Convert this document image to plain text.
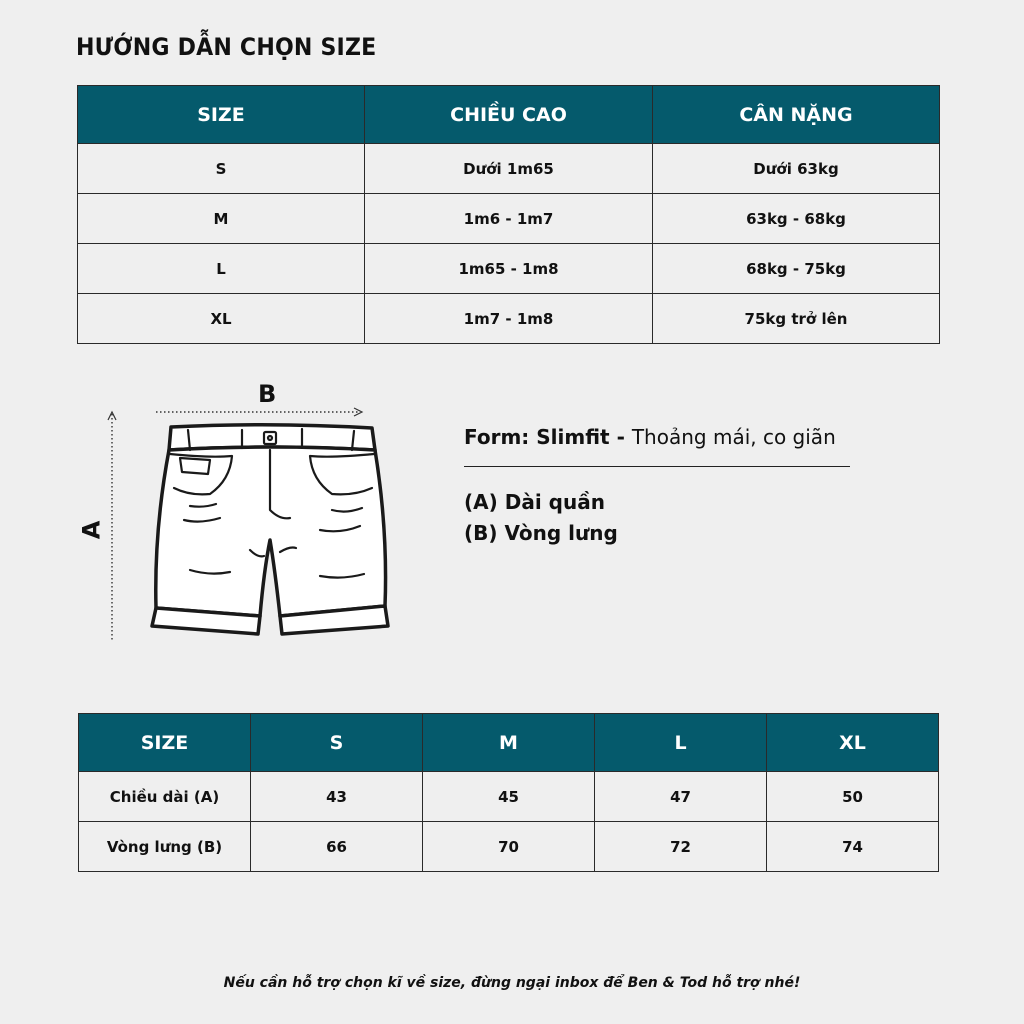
HƯỚNG DẪN CHỌN SIZE
SIZE	CHIỀU CAO	CÂN NẶNG
S	Dưới 1m65	Dưới 63kg
M	1m6 - 1m7	63kg - 68kg
L	1m65 - 1m8	68kg - 75kg
XL	1m7 - 1m8	75kg trở lên
B
A
Form: Slimfit - Thoảng mái, co giãn
(A) Dài quần
(B) Vòng lưng
SIZE	S	M	L	XL
Chiều dài (A)	43	45	47	50
Vòng lưng (B)	66	70	72	74
Nếu cần hỗ trợ chọn kĩ về size, đừng ngại inbox để Ben & Tod hỗ trợ nhé!
